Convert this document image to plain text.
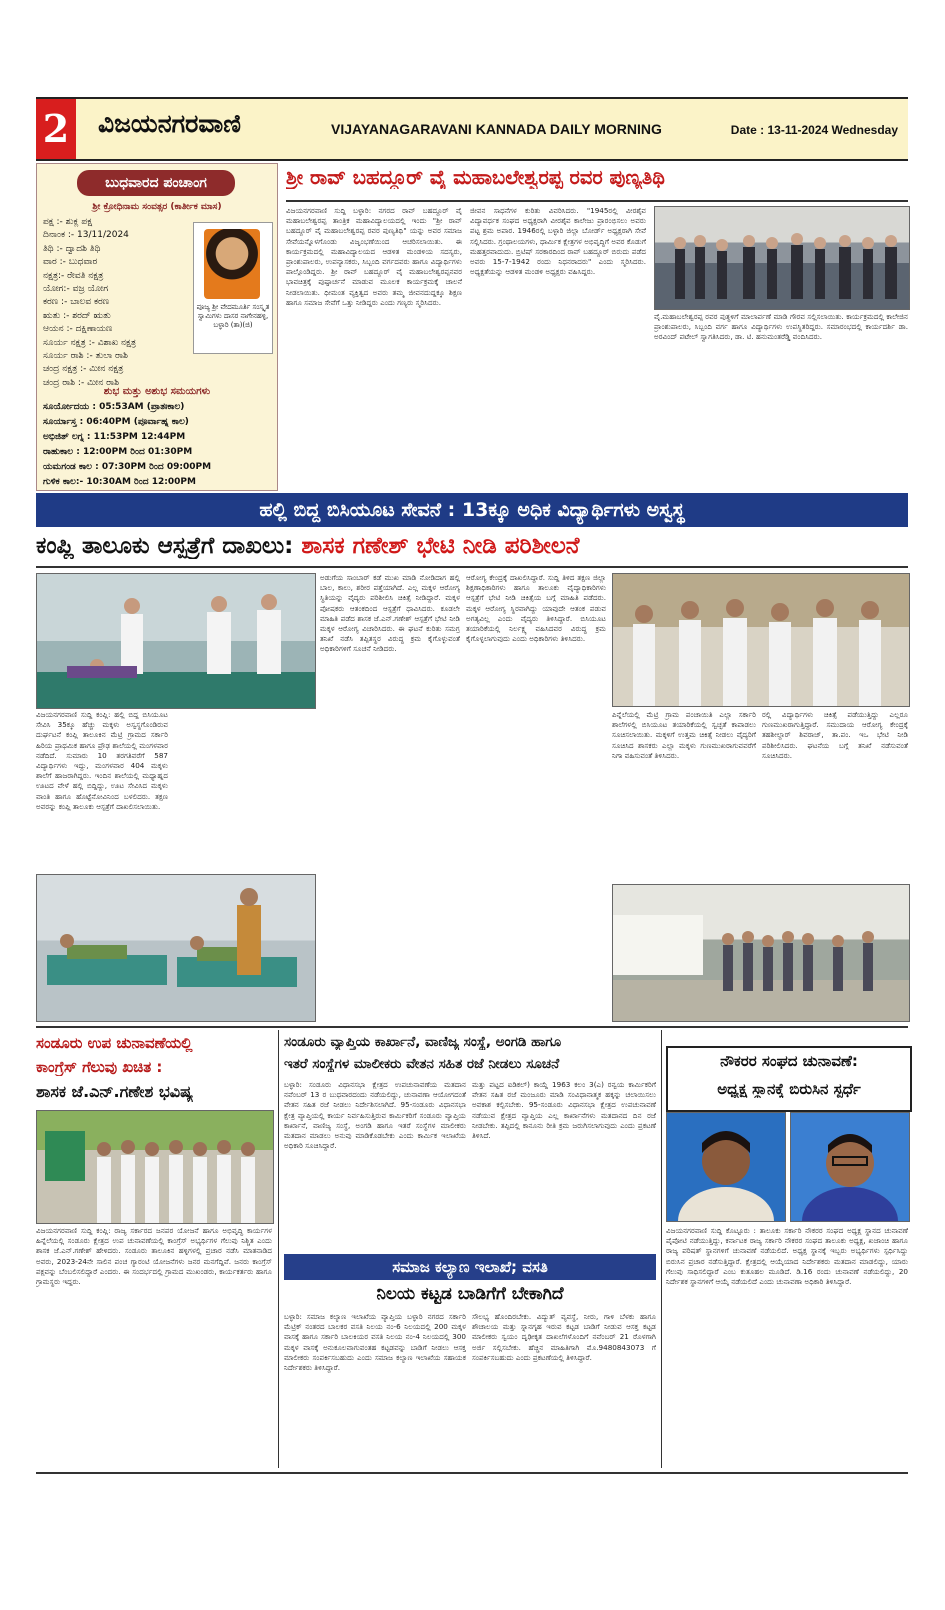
2 ವಿಜಯನಗರವಾಣಿ	VIJAYANAGARAVANI KANNADA DAILY MORNING	Date : 13-11-2024 Wednesday
ಬುಧವಾರದ ಪಂಚಾಂಗ
ಶ್ರೀ ಕ್ರೋಧಿನಾಮ ಸಂವತ್ಸರ (ಕಾರ್ತೀಕ ಮಾಸ)
ಪಕ್ಷ :- ಶುಕ್ಲ ಪಕ್ಷ
ದಿನಾಂಕ :- 13/11/2024
ತಿಥಿ :- ದ್ವಾದಶಿ ತಿಥಿ
ವಾರ :- ಬುಧವಾರ
ನಕ್ಷತ್ರ:- ರೇವತಿ ನಕ್ಷತ್ರ
ಯೋಗ:- ವಜ್ರ ಯೋಗ
ಕರಣ :- ಬಾಲವ ಕರಣ
ಋತು :- ಶರದ್ ಋತು
ಆಯನ :- ದಕ್ಷಿಣಾಯಣ
ಸೂರ್ಯ ನಕ್ಷತ್ರ :- ವಿಶಾಖ ನಕ್ಷತ್ರ
ಸೂರ್ಯ ರಾಶಿ :- ತುಲಾ ರಾಶಿ
ಚಂದ್ರ ನಕ್ಷತ್ರ :- ಮೀನ ನಕ್ಷತ್ರ
ಚಂದ್ರ ರಾಶಿ :- ಮೀನ ರಾಶಿ
ಪೂಜ್ಯ ಶ್ರೀ ವೇದಮೂರ್ತಿ ಸಂಸ್ಕೃತ ಸ್ವಾಮಿಗಳು ದಾಸರ ನಾಗೇನಹಳ್ಳಿ, ಬಳ್ಳಾರಿ (ತಾ)(ಜಿ)
ಶುಭ ಮತ್ತು ಅಶುಭ ಸಮಯಗಳು
ಸೂರ್ಯೋದಯ : 05:53AM (ಪ್ರಾತಃಕಾಲ)
ಸೂರ್ಯಾಸ್ತ : 06:40PM (ಪೂರ್ವಾಹ್ನ ಕಾಲ)
ಅಭಿಜಿತ್ ಲಗ್ನ : 11:53PM 12:44PM
ರಾಹುಕಾಲ : 12:00PM ರಿಂದ 01:30PM
ಯಮಗಂಡ ಕಾಲ : 07:30PM ರಿಂದ 09:00PM
ಗುಳಿಕ ಕಾಲ:- 10:30AM ರಿಂದ 12:00PM
ಶ್ರೀ ರಾವ್ ಬಹದ್ದೂರ್ ವೈ ಮಹಾಬಲೇಶ್ವರಪ್ಪ ರವರ ಪುಣ್ಯತಿಥಿ
ವಿಜಯನಗರವಾಣಿ ಸುದ್ದಿ ಬಳ್ಳಾರಿ: ನಗರದ ರಾವ್ ಬಹದ್ದೂರ್ ವೈ ಮಹಾಬಲೇಶ್ವರಪ್ಪ ತಾಂತ್ರಿಕ ಮಹಾವಿದ್ಯಾಲಯದಲ್ಲಿ ಇಂದು "ಶ್ರೀ ರಾವ್ ಬಹದ್ದೂರ್ ವೈ ಮಹಾಬಲೇಶ್ವರಪ್ಪ ರವರ ಪುಣ್ಯತಿಥಿ" ಯನ್ನು ಅವರ ಸಮಾಜ ಸೇವೆಯನ್ನೊಳಗೊಂಡು ವಿಜೃಂಭಣೆಯಿಂದ ಆಚರಿಸಲಾಯಿತು. ಈ ಕಾರ್ಯಕ್ರಮದಲ್ಲಿ ಮಹಾವಿದ್ಯಾಲಯದ ಆಡಳಿತ ಮಂಡಳಿಯ ಸದಸ್ಯರು, ಪ್ರಾಂಶುಪಾಲರು, ಉಪನ್ಯಾಸಕರು, ಸಿಬ್ಬಂದಿ ವರ್ಗದವರು ಹಾಗೂ ವಿದ್ಯಾರ್ಥಿಗಳು ಪಾಲ್ಗೊಂಡಿದ್ದರು. ಶ್ರೀ ರಾವ್ ಬಹದ್ದೂರ್ ವೈ ಮಹಾಬಲೇಶ್ವರಪ್ಪನವರ ಭಾವಚಿತ್ರಕ್ಕೆ ಪುಷ್ಪಾರ್ಚನೆ ಮಾಡುವ ಮೂಲಕ ಕಾರ್ಯಕ್ರಮಕ್ಕೆ ಚಾಲನೆ ನೀಡಲಾಯಿತು. ಧೀಮಂತ ವ್ಯಕ್ತಿತ್ವದ ಅವರು ತಮ್ಮ ಜೀವನದುದ್ದಕ್ಕೂ ಶಿಕ್ಷಣ ಹಾಗೂ ಸಮಾಜ ಸೇವೆಗೆ ಒತ್ತು ನೀಡಿದ್ದರು ಎಂದು ಗಣ್ಯರು ಸ್ಮರಿಸಿದರು.
ಜೀವನ ಸಾಧನೆಗಳ ಕುರಿತು ವಿವರಿಸಿದರು. "1945ರಲ್ಲಿ ವೀರಶೈವ ವಿದ್ಯಾವರ್ಧಕ ಸಂಘದ ಅಧ್ಯಕ್ಷರಾಗಿ ವೀರಶೈವ ಕಾಲೇಜು ಪ್ರಾರಂಭಿಸಲು ಅವರು ಪಟ್ಟ ಶ್ರಮ ಅಪಾರ. 1946ರಲ್ಲಿ ಬಳ್ಳಾರಿ ಜಿಲ್ಲಾ ಬೋರ್ಡ್ ಅಧ್ಯಕ್ಷರಾಗಿ ಸೇವೆ ಸಲ್ಲಿಸಿದರು. ಗ್ರಂಥಾಲಯಗಳು, ಧಾರ್ಮಿಕ ಕ್ಷೇತ್ರಗಳ ಅಭಿವೃದ್ಧಿಗೆ ಅವರ ಕೊಡುಗೆ ಮಹತ್ತರವಾದುದು. ಬ್ರಿಟಿಷ್ ಸರಕಾರದಿಂದ ರಾವ್ ಬಹದ್ದೂರ್ ಬಿರುದು ಪಡೆದ ಅವರು 15-7-1942 ರಂದು ನಿಧನರಾದರು" ಎಂದು ಸ್ಮರಿಸಿದರು. ಅಧ್ಯಕ್ಷತೆಯನ್ನು ಆಡಳಿತ ಮಂಡಳಿ ಅಧ್ಯಕ್ಷರು ವಹಿಸಿದ್ದರು.
ವೈ.ಮಹಾಬಲೇಶ್ವರಪ್ಪ ರವರ ಪುತ್ಥಳಿಗೆ ಮಾಲಾರ್ಪಣೆ ಮಾಡಿ ಗೌರವ ಸಲ್ಲಿಸಲಾಯಿತು. ಕಾರ್ಯಕ್ರಮದಲ್ಲಿ ಕಾಲೇಜಿನ ಪ್ರಾಂಶುಪಾಲರು, ಸಿಬ್ಬಂದಿ ವರ್ಗ ಹಾಗೂ ವಿದ್ಯಾರ್ಥಿಗಳು ಉಪಸ್ಥಿತರಿದ್ದರು. ಸಮಾರಂಭದಲ್ಲಿ ಕಾರ್ಯದರ್ಶಿ ಡಾ. ಅರವಿಂದ್ ಪಟೇಲ್ ಸ್ವಾಗತಿಸಿದರು, ಡಾ. ಟಿ. ಹನುಮಂತರೆಡ್ಡಿ ವಂದಿಸಿದರು.
ಹಲ್ಲಿ ಬಿದ್ದ ಬಿಸಿಯೂಟ ಸೇವನೆ : 13ಕ್ಕೂ ಅಧಿಕ ವಿದ್ಯಾರ್ಥಿಗಳು ಅಸ್ವಸ್ಥ
ಕಂಪ್ಲಿ ತಾಲೂಕು ಆಸ್ಪತ್ರೆಗೆ ದಾಖಲು: ಶಾಸಕ ಗಣೇಶ್ ಭೇಟಿ ನೀಡಿ ಪರಿಶೀಲನೆ
ವಿಜಯನಗರವಾಣಿ ಸುದ್ದಿ ಕಂಪ್ಲಿ: ಹಲ್ಲಿ ಬಿದ್ದ ಬಿಸಿಯೂಟ ಸೇವಿಸಿ 35ಕ್ಕೂ ಹೆಚ್ಚು ಮಕ್ಕಳು ಅಸ್ವಸ್ಥಗೊಂಡಿರುವ ದುರ್ಘಟನೆ ಕಂಪ್ಲಿ ತಾಲೂಕಿನ ಮೆಟ್ರಿ ಗ್ರಾಮದ ಸರ್ಕಾರಿ ಹಿರಿಯ ಪ್ರಾಥಮಿಕ ಹಾಗೂ ಪ್ರೌಢ ಶಾಲೆಯಲ್ಲಿ ಮಂಗಳವಾರ ನಡೆದಿದೆ. ಸುಮಾರು 10 ತರಗತಿವರೆಗೆ 587 ವಿದ್ಯಾರ್ಥಿಗಳು ಇದ್ದು, ಮಂಗಳವಾರ 404 ಮಕ್ಕಳು ಶಾಲೆಗೆ ಹಾಜರಾಗಿದ್ದರು. ಇಂದಿನ ಶಾಲೆಯಲ್ಲಿ ಮಧ್ಯಾಹ್ನದ ಊಟದ ವೇಳೆ ಹಲ್ಲಿ ಬಿದ್ದಿದ್ದು, ಊಟ ಸೇವಿಸಿದ ಮಕ್ಕಳು ವಾಂತಿ ಹಾಗೂ ಹೊಟ್ಟೆನೋವಿನಿಂದ ಬಳಲಿದರು. ತಕ್ಷಣ ಅವರನ್ನು ಕಂಪ್ಲಿ ತಾಲೂಕು ಆಸ್ಪತ್ರೆಗೆ ದಾಖಲಿಸಲಾಯಿತು.
ಅಡುಗೆಯ ಸಾಂಬಾರ್ ಕಡೆ ಮುಖ ಮಾಡಿ ನೋಡಿದಾಗ ಹಲ್ಲಿ ಬಾಲ, ಕಾಲು, ಶರೀರ ಪತ್ತೆಯಾಗಿದೆ. ಎಲ್ಲ ಮಕ್ಕಳ ಆರೋಗ್ಯ ಸ್ಥಿತಿಯನ್ನು ವೈದ್ಯರು ಪರಿಶೀಲಿಸಿ ಚಿಕಿತ್ಸೆ ನೀಡಿದ್ದಾರೆ. ಮಕ್ಕಳ ಪೋಷಕರು ಆತಂಕದಿಂದ ಆಸ್ಪತ್ರೆಗೆ ಧಾವಿಸಿದರು. ಕೂಡಲೇ ಮಾಹಿತಿ ಪಡೆದ ಶಾಸಕ ಜೆ.ಎನ್.ಗಣೇಶ್ ಆಸ್ಪತ್ರೆಗೆ ಭೇಟಿ ನೀಡಿ ಮಕ್ಕಳ ಆರೋಗ್ಯ ವಿಚಾರಿಸಿದರು. ಈ ಘಟನೆ ಕುರಿತು ಸಮಗ್ರ ತನಿಖೆ ನಡೆಸಿ ತಪ್ಪಿತಸ್ಥರ ವಿರುದ್ಧ ಕ್ರಮ ಕೈಗೊಳ್ಳುವಂತೆ ಅಧಿಕಾರಿಗಳಿಗೆ ಸೂಚನೆ ನೀಡಿದರು.
ಆರೋಗ್ಯ ಕೇಂದ್ರಕ್ಕೆ ದಾಖಲಿಸಿದ್ದಾರೆ. ಸುದ್ದಿ ತಿಳಿದ ತಕ್ಷಣ ಜಿಲ್ಲಾ ಶಿಕ್ಷಣಾಧಿಕಾರಿಗಳು ಹಾಗೂ ತಾಲೂಕು ವೈದ್ಯಾಧಿಕಾರಿಗಳು ಆಸ್ಪತ್ರೆಗೆ ಭೇಟಿ ನೀಡಿ ಚಿಕಿತ್ಸೆಯ ಬಗ್ಗೆ ಮಾಹಿತಿ ಪಡೆದರು. ಮಕ್ಕಳ ಆರೋಗ್ಯ ಸ್ಥಿರವಾಗಿದ್ದು ಯಾವುದೇ ಆತಂಕ ಪಡುವ ಅಗತ್ಯವಿಲ್ಲ ಎಂದು ವೈದ್ಯರು ತಿಳಿಸಿದ್ದಾರೆ. ಬಿಸಿಯೂಟ ತಯಾರಿಕೆಯಲ್ಲಿ ನಿರ್ಲಕ್ಷ್ಯ ವಹಿಸಿದವರ ವಿರುದ್ಧ ಕ್ರಮ ಕೈಗೊಳ್ಳಲಾಗುವುದು ಎಂದು ಅಧಿಕಾರಿಗಳು ತಿಳಿಸಿದರು.
ಪಿನ್ನೆಲೆಯಲ್ಲಿ ಮೆಟ್ರಿ ಗ್ರಾಮ ಪಂಚಾಯಿತಿ ಎಲ್ಲಾ ಸರ್ಕಾರಿ ಶಾಲೆಗಳಲ್ಲಿ ಬಿಸಿಯೂಟ ತಯಾರಿಕೆಯಲ್ಲಿ ಸ್ವಚ್ಛತೆ ಕಾಪಾಡಲು ಸೂಚಿಸಲಾಯಿತು. ಮಕ್ಕಳಿಗೆ ಉತ್ತಮ ಚಿಕಿತ್ಸೆ ನೀಡಲು ವೈದ್ಯರಿಗೆ ಸೂಚಿಸಿದ ಶಾಸಕರು ಎಲ್ಲಾ ಮಕ್ಕಳು ಗುಣಮುಖರಾಗುವವರೆಗೆ ನಿಗಾ ವಹಿಸುವಂತೆ ತಿಳಿಸಿದರು.
ರಲ್ಲಿ ವಿದ್ಯಾರ್ಥಿಗಳು ಚಿಕಿತ್ಸೆ ಪಡೆಯುತ್ತಿದ್ದು ಎಲ್ಲರೂ ಗುಣಮುಖರಾಗುತ್ತಿದ್ದಾರೆ. ಸಮುದಾಯ ಆರೋಗ್ಯ ಕೇಂದ್ರಕ್ಕೆ ತಹಶೀಲ್ದಾರ್ ಶಿವರಾಜ್, ತಾ.ಪಂ. ಇಒ ಭೇಟಿ ನೀಡಿ ಪರಿಶೀಲಿಸಿದರು. ಘಟನೆಯ ಬಗ್ಗೆ ತನಿಖೆ ನಡೆಸುವಂತೆ ಸೂಚಿಸಿದರು.
ಸಂಡೂರು ಉಪ ಚುನಾವಣೆಯಲ್ಲಿ
ಕಾಂಗ್ರೆಸ್ ಗೆಲುವು ಖಚಿತ :
ಶಾಸಕ ಜೆ.ಎನ್.ಗಣೇಶ ಭವಿಷ್ಯ
ವಿಜಯನಗರವಾಣಿ ಸುದ್ದಿ ಕಂಪ್ಲಿ: ರಾಜ್ಯ ಸರ್ಕಾರದ ಜನಪರ ಯೋಜನೆ ಹಾಗೂ ಅಭಿವೃದ್ಧಿ ಕಾರ್ಯಗಳ ಹಿನ್ನೆಲೆಯಲ್ಲಿ ಸಂಡೂರು ಕ್ಷೇತ್ರದ ಉಪ ಚುನಾವಣೆಯಲ್ಲಿ ಕಾಂಗ್ರೆಸ್ ಅಭ್ಯರ್ಥಿಗಳ ಗೆಲುವು ನಿಶ್ಚಿತ ಎಂದು ಶಾಸಕ ಜೆ.ಎನ್.ಗಣೇಶ್ ಹೇಳಿದರು. ಸಂಡೂರು ತಾಲೂಕಿನ ಹಳ್ಳಿಗಳಲ್ಲಿ ಪ್ರಚಾರ ನಡೆಸಿ ಮಾತನಾಡಿದ ಅವರು, 2023-24ನೇ ಸಾಲಿನ ಪಂಚ ಗ್ಯಾರಂಟಿ ಯೋಜನೆಗಳು ಜನರ ಮನಗೆದ್ದಿವೆ. ಜನರು ಕಾಂಗ್ರೆಸ್ ಪಕ್ಷವನ್ನು ಬೆಂಬಲಿಸಲಿದ್ದಾರೆ ಎಂದರು. ಈ ಸಂದರ್ಭದಲ್ಲಿ ಗ್ರಾಮದ ಮುಖಂಡರು, ಕಾರ್ಯಕರ್ತರು ಹಾಗೂ ಗ್ರಾಮಸ್ಥರು ಇದ್ದರು.
ಸಂಡೂರು ವ್ಯಾಪ್ತಿಯ ಕಾರ್ಖಾನೆ, ವಾಣಿಜ್ಯ ಸಂಸ್ಥೆ, ಅಂಗಡಿ ಹಾಗೂ
ಇತರೆ ಸಂಸ್ಥೆಗಳ ಮಾಲೀಕರು ವೇತನ ಸಹಿತ ರಜೆ ನೀಡಲು ಸೂಚನೆ
ಬಳ್ಳಾರಿ: ಸಂಡೂರು ವಿಧಾನಸಭಾ ಕ್ಷೇತ್ರದ ಉಪಚುನಾವಣೆಯ ಮತದಾನ ನವೆಂಬರ್ 13 ರ ಬುಧವಾರದಂದು ನಡೆಯಲಿದ್ದು, ಚುನಾವಣಾ ಆಯೋಗದಂತೆ ವೇತನ ಸಹಿತ ರಜೆ ನೀಡಲು ನಿರ್ದೇಶಿಸಲಾಗಿದೆ. 95-ಸಂಡೂರು ವಿಧಾನಸಭಾ ಕ್ಷೇತ್ರ ವ್ಯಾಪ್ತಿಯಲ್ಲಿ ಕಾರ್ಯ ನಿರ್ವಹಿಸುತ್ತಿರುವ ಕಾರ್ಮಿಕರಿಗೆ ಸಂಡೂರು ವ್ಯಾಪ್ತಿಯ ಕಾರ್ಖಾನೆ, ವಾಣಿಜ್ಯ ಸಂಸ್ಥೆ, ಅಂಗಡಿ ಹಾಗೂ ಇತರೆ ಸಂಸ್ಥೆಗಳ ಮಾಲೀಕರು ಮತದಾನ ಮಾಡಲು ಅನುವು ಮಾಡಿಕೊಡಬೇಕು ಎಂದು ಕಾರ್ಮಿಕ ಇಲಾಖೆಯ ಅಧಿಕಾರಿ ಸೂಚಿಸಿದ್ದಾರೆ.
ಮತ್ತು ಪಟ್ಟದ ಐಡಿಕಲ್) ಕಾಯ್ದೆ 1963 ಕಲಂ 3(ಎ) ರನ್ವಯ ಕಾರ್ಮಿಕರಿಗೆ ವೇತನ ಸಹಿತ ರಜೆ ಮಂಜೂರು ಮಾಡಿ ಸಂವಿಧಾನಾತ್ಮಕ ಹಕ್ಕನ್ನು ಚಲಾಯಿಸಲು ಅವಕಾಶ ಕಲ್ಪಿಸಬೇಕು. 95-ಸಂಡೂರು ವಿಧಾನಸಭಾ ಕ್ಷೇತ್ರದ ಉಪಚುನಾವಣೆ ನಡೆಯುವ ಕ್ಷೇತ್ರದ ವ್ಯಾಪ್ತಿಯ ಎಲ್ಲ ಕಾರ್ಖಾನೆಗಳು ಮತದಾನದ ದಿನ ರಜೆ ನೀಡಬೇಕು. ತಪ್ಪಿದಲ್ಲಿ ಕಾನೂನು ರೀತಿ ಕ್ರಮ ಜರುಗಿಸಲಾಗುವುದು ಎಂದು ಪ್ರಕಟಣೆ ತಿಳಿಸಿದೆ.
ಸಮಾಜ ಕಲ್ಯಾಣ ಇಲಾಖೆ; ವಸತಿ
ನಿಲಯ ಕಟ್ಟಡ ಬಾಡಿಗೆಗೆ ಬೇಕಾಗಿದೆ
ಬಳ್ಳಾರಿ: ಸಮಾಜ ಕಲ್ಯಾಣ ಇಲಾಖೆಯ ವ್ಯಾಪ್ತಿಯ ಬಳ್ಳಾರಿ ನಗರದ ಸರ್ಕಾರಿ ಮೆಟ್ರಿಕ್ ನಂತರದ ಬಾಲಕರ ವಸತಿ ನಿಲಯ ನಂ-6 ನಿಲಯದಲ್ಲಿ 200 ಮಕ್ಕಳ ವಾಸಕ್ಕೆ ಹಾಗೂ ಸರ್ಕಾರಿ ಬಾಲಕಿಯರ ವಸತಿ ನಿಲಯ ನಂ-4 ನಿಲಯದಲ್ಲಿ 300 ಮಕ್ಕಳ ವಾಸಕ್ಕೆ ಅನುಕೂಲವಾಗುವಂತಹ ಕಟ್ಟಡವನ್ನು ಬಾಡಿಗೆ ನೀಡಲು ಆಸಕ್ತ ಮಾಲೀಕರು ಸಂಪರ್ಕಿಸಬಹುದು ಎಂದು ಸಮಾಜ ಕಲ್ಯಾಣ ಇಲಾಖೆಯ ಸಹಾಯಕ ನಿರ್ದೇಶಕರು ತಿಳಿಸಿದ್ದಾರೆ.
ಸೌಲಭ್ಯ ಹೊಂದಿರಬೇಕು. ವಿದ್ಯುತ್ ವ್ಯವಸ್ಥೆ, ನೀರು, ಗಾಳಿ ಬೆಳಕು ಹಾಗೂ ಶೌಚಾಲಯ ಮತ್ತು ಸ್ನಾನಗೃಹ ಇರುವ ಕಟ್ಟಡ ಬಾಡಿಗೆ ನೀಡುವ ಆಸಕ್ತ ಕಟ್ಟಡ ಮಾಲೀಕರು ಸ್ವಯಂ ದೃಢೀಕೃತ ದಾಖಲೆಗಳೊಂದಿಗೆ ನವೆಂಬರ್ 21 ರೊಳಗಾಗಿ ಅರ್ಜಿ ಸಲ್ಲಿಸಬೇಕು. ಹೆಚ್ಚಿನ ಮಾಹಿತಿಗಾಗಿ ಮೊ.9480843073 ಗೆ ಸಂಪರ್ಕಿಸಬಹುದು ಎಂದು ಪ್ರಕಟಣೆಯಲ್ಲಿ ತಿಳಿಸಿದ್ದಾರೆ.
ನೌಕರರ ಸಂಘದ ಚುನಾವಣೆ:
ಅಧ್ಯಕ್ಷ ಸ್ಥಾನಕ್ಕೆ ಬಿರುಸಿನ ಸ್ಪರ್ಧೆ
ವಿಜಯನಗರವಾಣಿ ಸುದ್ದಿ ಕೊಟ್ಟೂರು : ತಾಲೂಕು ಸರ್ಕಾರಿ ನೌಕರರ ಸಂಘದ ಅಧ್ಯಕ್ಷ ಸ್ಥಾನದ ಚುನಾವಣೆ ಪೈಪೋಟಿ ನಡೆಯುತ್ತಿದ್ದು, ಕರ್ನಾಟಕ ರಾಜ್ಯ ಸರ್ಕಾರಿ ನೌಕರರ ಸಂಘದ ತಾಲೂಕು ಅಧ್ಯಕ್ಷ, ಖಜಾಂಚಿ ಹಾಗೂ ರಾಜ್ಯ ಪರಿಷತ್ ಸ್ಥಾನಗಳಿಗೆ ಚುನಾವಣೆ ನಡೆಯಲಿದೆ. ಅಧ್ಯಕ್ಷ ಸ್ಥಾನಕ್ಕೆ ಇಬ್ಬರು ಅಭ್ಯರ್ಥಿಗಳು ಸ್ಪರ್ಧಿಸಿದ್ದು ಬಿರುಸಿನ ಪ್ರಚಾರ ನಡೆಸುತ್ತಿದ್ದಾರೆ. ಕ್ಷೇತ್ರದಲ್ಲಿ ಆಯ್ಕೆಯಾದ ನಿರ್ದೇಶಕರು ಮತದಾನ ಮಾಡಲಿದ್ದು, ಯಾರು ಗೆಲುವು ಸಾಧಿಸಲಿದ್ದಾರೆ ಎಂಬ ಕುತೂಹಲ ಮೂಡಿದೆ. ಡಿ.16 ರಂದು ಚುನಾವಣೆ ನಡೆಯಲಿದ್ದು, 20 ನಿರ್ದೇಶಕ ಸ್ಥಾನಗಳಿಗೆ ಆಯ್ಕೆ ನಡೆಯಲಿದೆ ಎಂದು ಚುನಾವಣಾ ಅಧಿಕಾರಿ ತಿಳಿಸಿದ್ದಾರೆ.
